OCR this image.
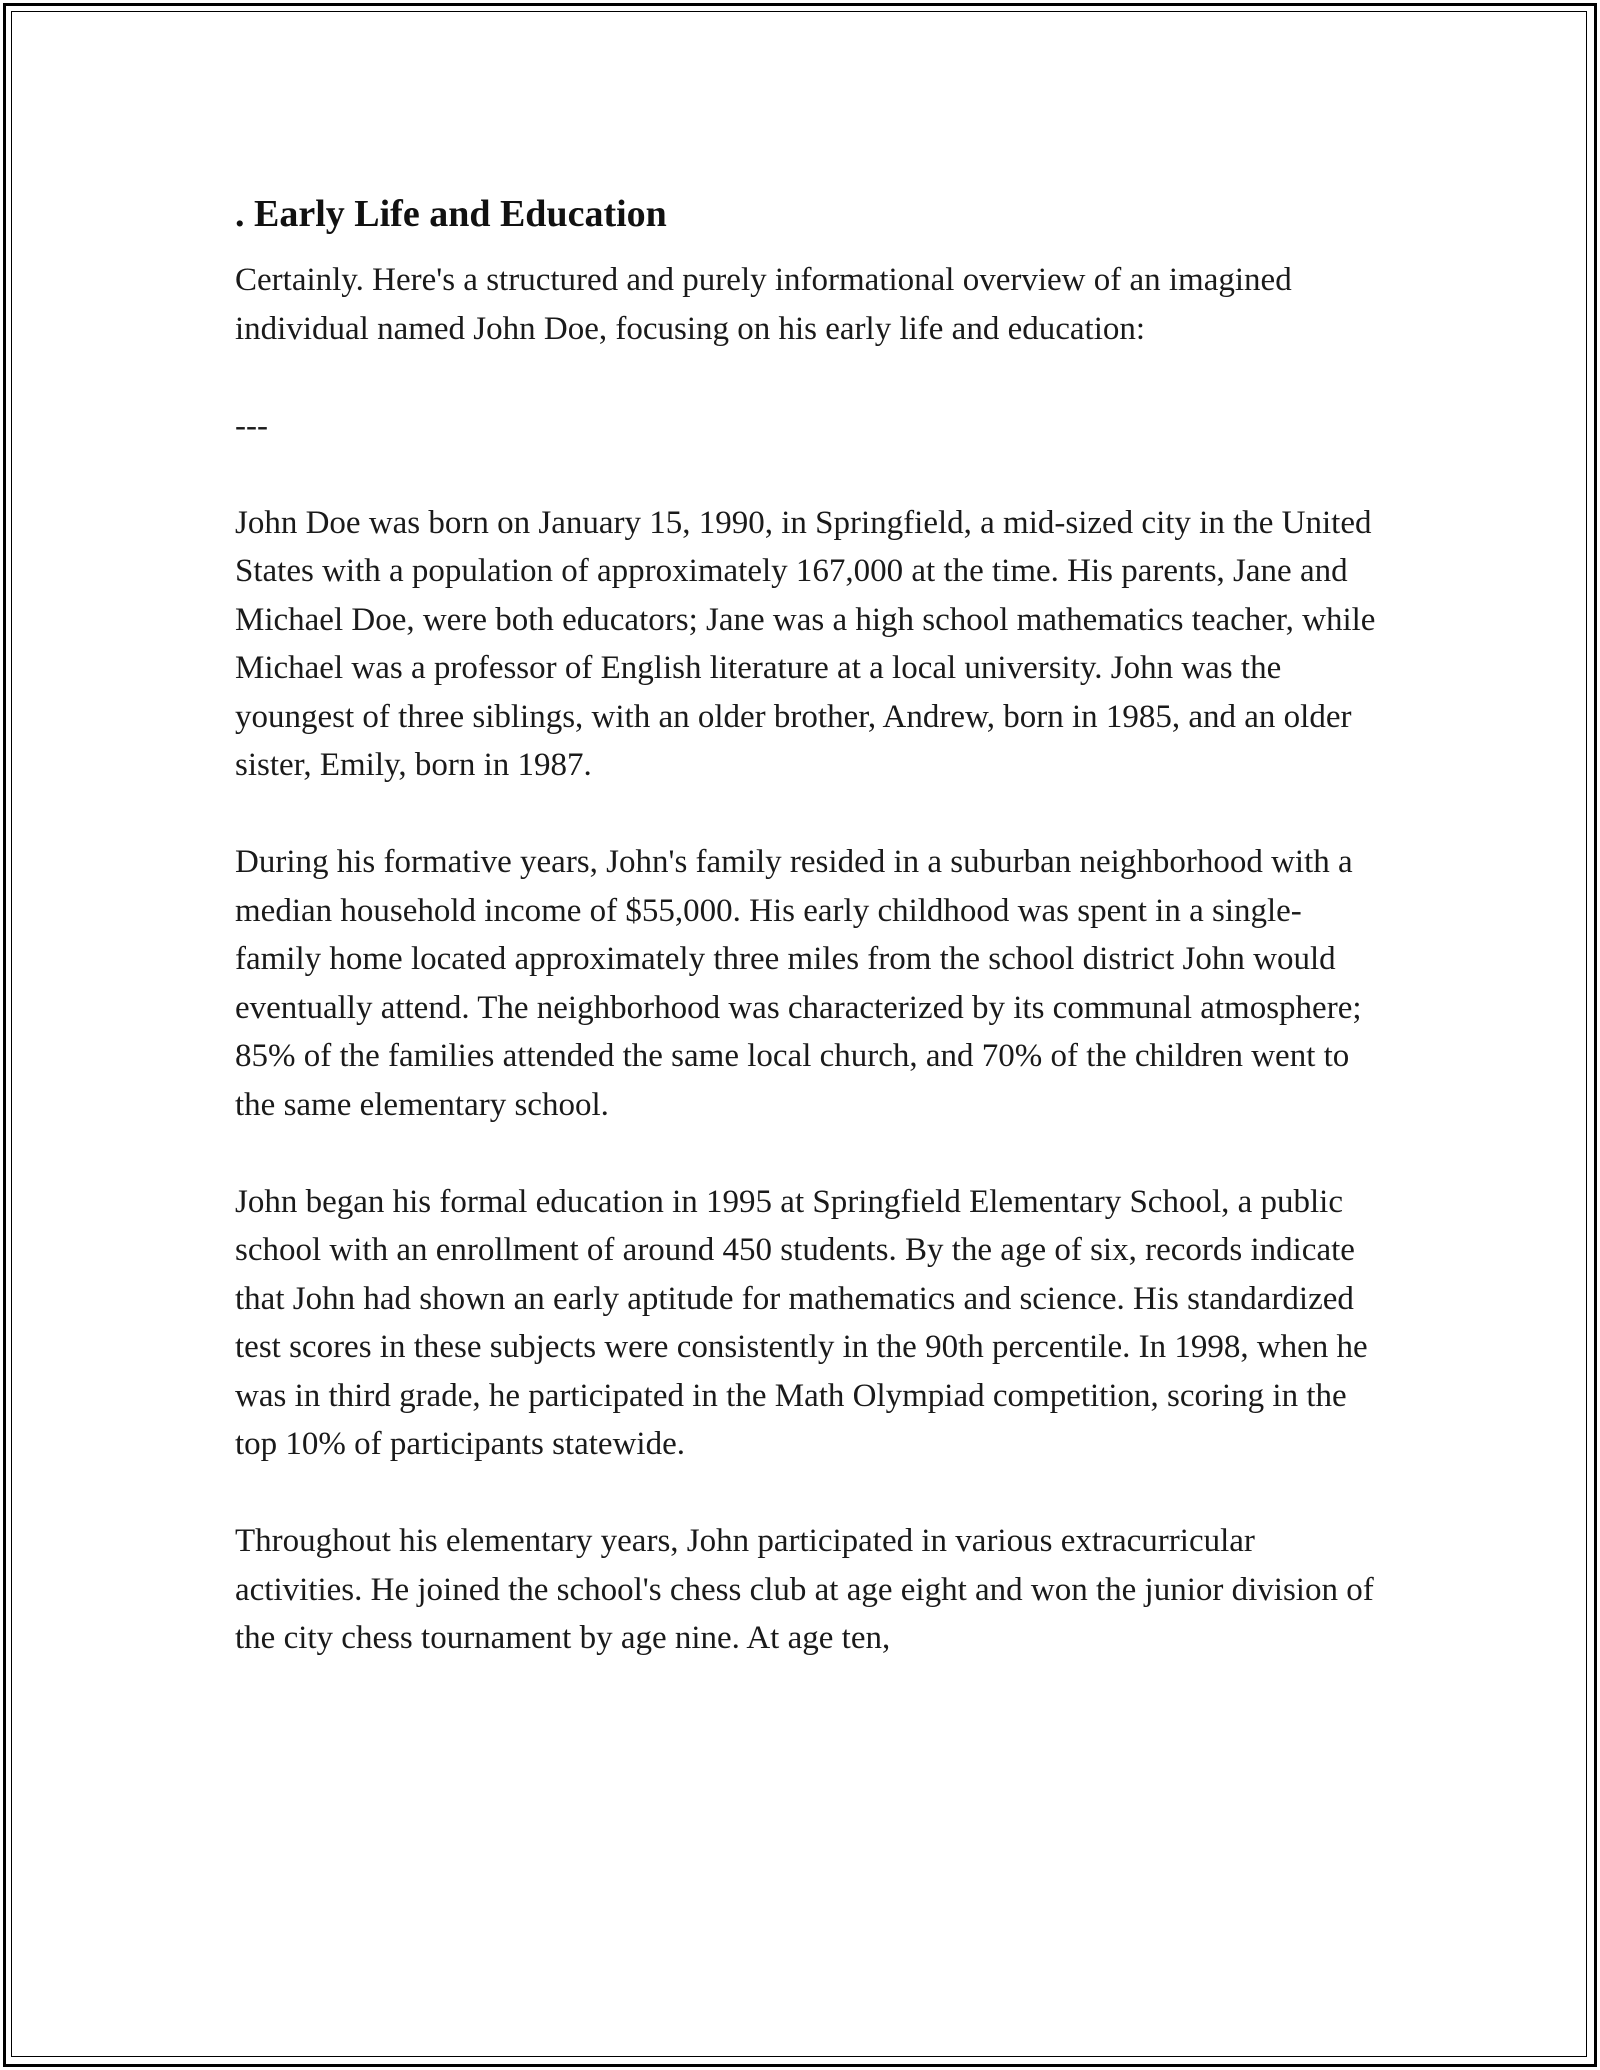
. Early Life and Education

Certainly. Here's a structured and purely informational overview of an imagined individual named John Doe, focusing on his early life and education:

---

John Doe was born on January 15, 1990, in Springfield, a mid-sized city in the United States with a population of approximately 167,000 at the time. His parents, Jane and Michael Doe, were both educators; Jane was a high school mathematics teacher, while Michael was a professor of English literature at a local university. John was the youngest of three siblings, with an older brother, Andrew, born in 1985, and an older sister, Emily, born in 1987.

During his formative years, John's family resided in a suburban neighborhood with a median household income of $55,000. His early childhood was spent in a single-family home located approximately three miles from the school district John would eventually attend. The neighborhood was characterized by its communal atmosphere; 85% of the families attended the same local church, and 70% of the children went to the same elementary school.

John began his formal education in 1995 at Springfield Elementary School, a public school with an enrollment of around 450 students. By the age of six, records indicate that John had shown an early aptitude for mathematics and science. His standardized test scores in these subjects were consistently in the 90th percentile. In 1998, when he was in third grade, he participated in the Math Olympiad competition, scoring in the top 10% of participants statewide.

Throughout his elementary years, John participated in various extracurricular activities. He joined the school's chess club at age eight and won the junior division of the city chess tournament by age nine. At age ten,
